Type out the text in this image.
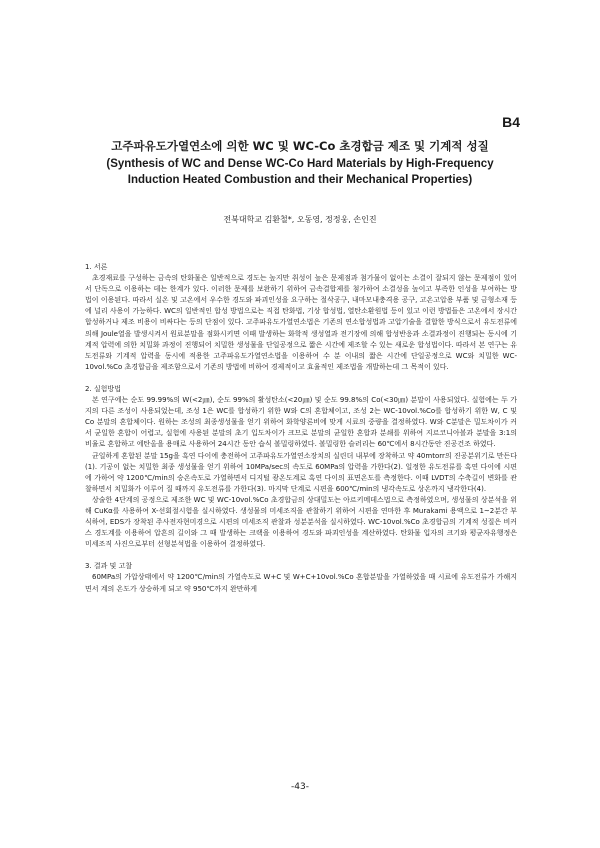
B4
고주파유도가열연소에 의한 WC 및 WC-Co 초경합금 제조 및 기계적 성질
(Synthesis of WC and Dense WC-Co Hard Materials by High-Frequency
Induction Heated Combustion and their Mechanical Properties)
전북대학교 김환철*, 오동영, 정정웅, 손인진
1. 서론

초경재료를 구성하는 금속의 탄화물은 일반적으로 경도는 높지만 취성이 높은 문제점과 첨가물이 없이는 소결이 잘되지 않는 문제점이 있어서 단독으로 이용하는 데는 한계가 있다. 이러한 문제를 보완하기 위하여 금속결합제를 첨가하여 소결성을 높이고 부족한 인성을 부여하는 방법이 이용된다. 따라서 실온 및 고온에서 우수한 경도와 파괴인성을 요구하는 절삭공구, 내마모내충격용 공구, 고온고압용 부품 및 금형소재 등에 널리 사용이 가능하다. WC의 일반적인 합성 방법으로는 직접 탄화법, 기상 합성법, 열탄소환원법 등이 있고 이런 방법들은 고온에서 장시간 합성하거나 제조 비용이 비싸다는 등의 단점이 있다. 고주파유도가열연소법은 기존의 연소합성법과 고압기술을 결합한 방식으로서 유도전류에 의해 Joule열을 발생시켜서 원료분말을 점화시키면 이때 발생하는 화학적 생성열과 전기장에 의해 합성반응과 소결과정이 진행되는 동시에 기계적 압력에 의한 치밀화 과정이 진행되어 치밀한 생성물을 단일공정으로 짧은 시간에 제조할 수 있는 새로운 합성법이다. 따라서 본 연구는 유도전류와 기계적 압력을 동시에 적용한 고주파유도가열연소법을 이용하여 수 분 이내의 짧은 시간에 단일공정으로 WC와 치밀한 WC-10vol.%Co 초경합금을 제조함으로서 기존의 방법에 비하여 경제적이고 효율적인 제조법을 개발하는데 그 목적이 있다.

2. 실험방법

본 연구에는 순도 99.99%의 W(<2㎛), 순도 99%의 활성탄소(<20㎛) 및 순도 99.8%의 Co(<30㎛) 분말이 사용되었다. 실험에는 두 가지의 다른 조성이 사용되었는데, 조성 1은 WC를 합성하기 위한 W와 C의 혼합체이고, 조성 2는 WC-10vol.%Co를 합성하기 위한 W, C 및 Co 분말의 혼합체이다. 원하는 조성의 최종생성물을 얻기 위하여 화학양론비에 맞게 시료의 중량을 결정하였다. W와 C분말은 밀도차이가 커서 균일한 혼합이 어렵고, 실험에 사용된 분말의 초기 입도차이가 크므로 분말의 균일한 혼합과 분쇄를 위하여 지르코니아볼과 분말을 3:1의 비율로 혼합하고 에탄올을 용매로 사용하여 24시간 동안 습식 볼밀링하였다. 볼밀링한 슬러리는 60℃에서 8시간동안 진공건조 하였다.

균일하게 혼합된 분말 15g을 흑연 다이에 충전하여 고주파유도가열연소장치의 실린더 내부에 장착하고 약 40mtorr의 진공분위기로 만든다(1). 기공이 없는 치밀한 최종 생성물을 얻기 위하여 10MPa/sec의 속도로 60MPa의 압력을 가한다(2). 일정한 유도전류를 흑연 다이에 시편에 가하여 약 1200℃/min의 승온속도로 가열하면서 디지털 광온도계로 흑연 다이의 표면온도를 측정한다. 이때 LVDT의 수축길이 변화를 관찰하면서 치밀화가 이루어 질 때까지 유도전류를 가한다(3). 마지막 단계로 시편을 600℃/min의 냉각속도로 상온까지 냉각한다(4).

상술한 4단계의 공정으로 제조한 WC 및 WC-10vol.%Co 초경합금의 상대밀도는 아르키메데스법으로 측정하였으며, 생성물의 상분석을 위해 CuKα를 사용하여 X-선회절시험을 실시하였다. 생성물의 미세조직을 관찰하기 위하여 시편을 연마한 후 Murakami 용액으로 1~2분간 부식하여, EDS가 장착된 주사전자현미경으로 시편의 미세조직 관찰과 성분분석을 실시하였다. WC-10vol.%Co 초경합금의 기계적 성질은 비커스 경도계를 이용하여 압흔의 길이와 그 때 발생하는 크랙을 이용하여 경도와 파괴인성을 계산하였다. 탄화물 입자의 크기와 평균자유행정은 미세조직 사진으로부터 선형분석법을 이용하여 결정하였다.

3. 결과 및 고찰

60MPa의 가압상태에서 약 1200℃/min의 가열속도로 W+C 및 W+C+10vol.%Co 혼합분말을 가열하였을 때 시료에 유도전류가 가해지면서 계의 온도가 상승하게 되고 약 950℃까지 완만하게

-43-
